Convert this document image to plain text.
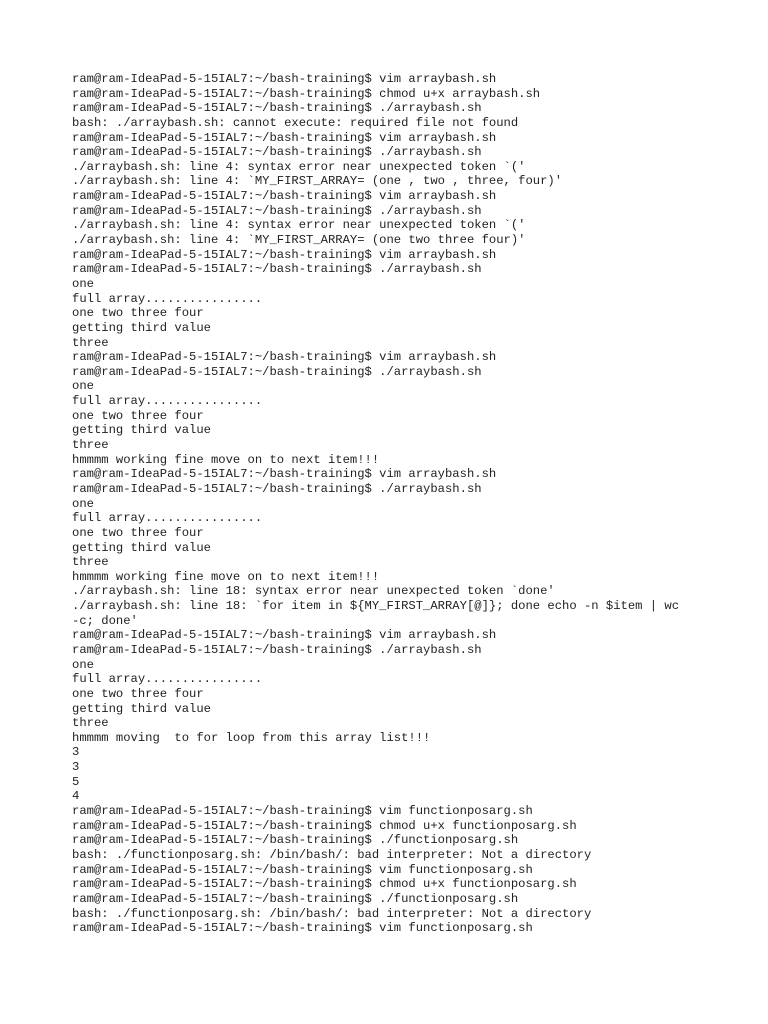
ram@ram-IdeaPad-5-15IAL7:~/bash-training$ vim arraybash.sh
ram@ram-IdeaPad-5-15IAL7:~/bash-training$ chmod u+x arraybash.sh
ram@ram-IdeaPad-5-15IAL7:~/bash-training$ ./arraybash.sh
bash: ./arraybash.sh: cannot execute: required file not found
ram@ram-IdeaPad-5-15IAL7:~/bash-training$ vim arraybash.sh
ram@ram-IdeaPad-5-15IAL7:~/bash-training$ ./arraybash.sh
./arraybash.sh: line 4: syntax error near unexpected token `('
./arraybash.sh: line 4: `MY_FIRST_ARRAY= (one , two , three, four)'
ram@ram-IdeaPad-5-15IAL7:~/bash-training$ vim arraybash.sh
ram@ram-IdeaPad-5-15IAL7:~/bash-training$ ./arraybash.sh
./arraybash.sh: line 4: syntax error near unexpected token `('
./arraybash.sh: line 4: `MY_FIRST_ARRAY= (one two three four)'
ram@ram-IdeaPad-5-15IAL7:~/bash-training$ vim arraybash.sh
ram@ram-IdeaPad-5-15IAL7:~/bash-training$ ./arraybash.sh
one
full array................
one two three four
getting third value
three
ram@ram-IdeaPad-5-15IAL7:~/bash-training$ vim arraybash.sh
ram@ram-IdeaPad-5-15IAL7:~/bash-training$ ./arraybash.sh
one
full array................
one two three four
getting third value
three
hmmmm working fine move on to next item!!!
ram@ram-IdeaPad-5-15IAL7:~/bash-training$ vim arraybash.sh
ram@ram-IdeaPad-5-15IAL7:~/bash-training$ ./arraybash.sh
one
full array................
one two three four
getting third value
three
hmmmm working fine move on to next item!!!
./arraybash.sh: line 18: syntax error near unexpected token `done'
./arraybash.sh: line 18: `for item in ${MY_FIRST_ARRAY[@]}; done echo -n $item | wc
-c; done'
ram@ram-IdeaPad-5-15IAL7:~/bash-training$ vim arraybash.sh
ram@ram-IdeaPad-5-15IAL7:~/bash-training$ ./arraybash.sh
one
full array................
one two three four
getting third value
three
hmmmm moving  to for loop from this array list!!!
3
3
5
4
ram@ram-IdeaPad-5-15IAL7:~/bash-training$ vim functionposarg.sh
ram@ram-IdeaPad-5-15IAL7:~/bash-training$ chmod u+x functionposarg.sh
ram@ram-IdeaPad-5-15IAL7:~/bash-training$ ./functionposarg.sh
bash: ./functionposarg.sh: /bin/bash/: bad interpreter: Not a directory
ram@ram-IdeaPad-5-15IAL7:~/bash-training$ vim functionposarg.sh
ram@ram-IdeaPad-5-15IAL7:~/bash-training$ chmod u+x functionposarg.sh
ram@ram-IdeaPad-5-15IAL7:~/bash-training$ ./functionposarg.sh
bash: ./functionposarg.sh: /bin/bash/: bad interpreter: Not a directory
ram@ram-IdeaPad-5-15IAL7:~/bash-training$ vim functionposarg.sh
